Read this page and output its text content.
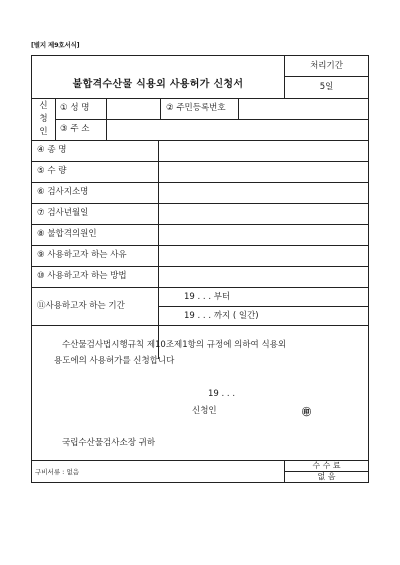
[별지 제9호서식]
불합격수산물 식용외 사용허가 신청서
처리기간
5일
신
청
인
① 성 명	② 주민등록번호
③ 주 소
④ 종 명
⑤ 수 량
⑥ 검사지소명
⑦ 검사년월일
⑧ 불합격의원인
⑨ 사용하고자 하는 사유
⑩ 사용하고자 하는 방법
⑪사용하고자 하는 기간
19 . . . 부터
19 . . . 까지 ( 일간)
수산물검사법시행규칙 제10조제1항의 규정에 의하여 식용외
용도에의 사용허가를 신청합니다
19 . . .
신청인	㊞
국립수산물검사소장 귀하
구비서류 : 없음
수 수 료
없 음
